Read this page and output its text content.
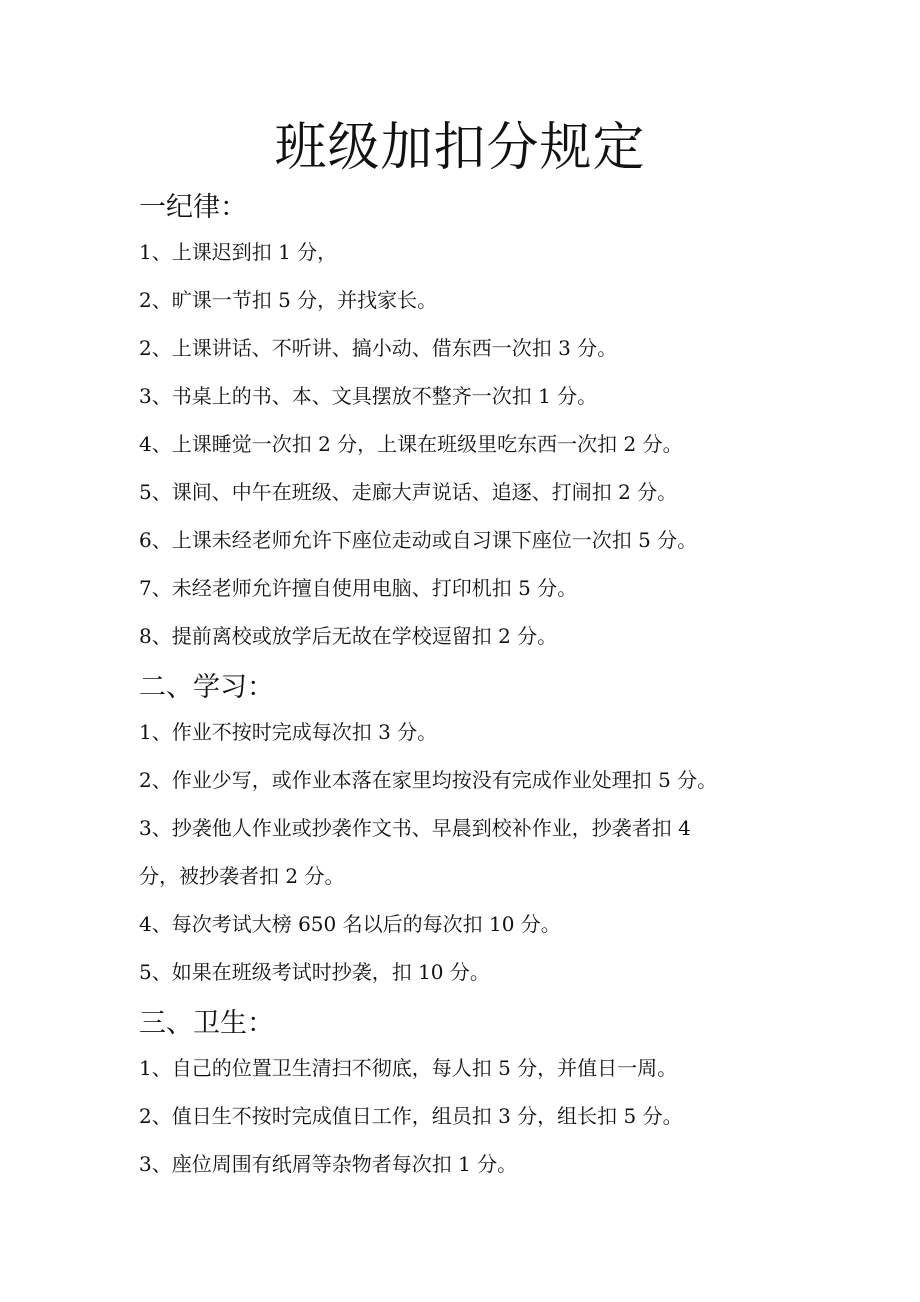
班级加扣分规定
一纪律：
1、上课迟到扣 1 分，
2、旷课一节扣 5 分，并找家长。
2、上课讲话、不听讲、搞小动、借东西一次扣 3 分。
3、书桌上的书、本、文具摆放不整齐一次扣 1 分。
4、上课睡觉一次扣 2 分，上课在班级里吃东西一次扣 2 分。
5、课间、中午在班级、走廊大声说话、追逐、打闹扣 2 分。
6、上课未经老师允许下座位走动或自习课下座位一次扣 5 分。
7、未经老师允许擅自使用电脑、打印机扣 5 分。
8、提前离校或放学后无故在学校逗留扣 2 分。
二、学习：
1、作业不按时完成每次扣 3 分。
2、作业少写，或作业本落在家里均按没有完成作业处理扣 5 分。
3、抄袭他人作业或抄袭作文书、早晨到校补作业，抄袭者扣 4
分，被抄袭者扣 2 分。
4、每次考试大榜 650 名以后的每次扣 10 分。
5、如果在班级考试时抄袭，扣 10 分。
三、卫生：
1、自己的位置卫生清扫不彻底，每人扣 5 分，并值日一周。
2、值日生不按时完成值日工作，组员扣 3 分，组长扣 5 分。
3、座位周围有纸屑等杂物者每次扣 1 分。
